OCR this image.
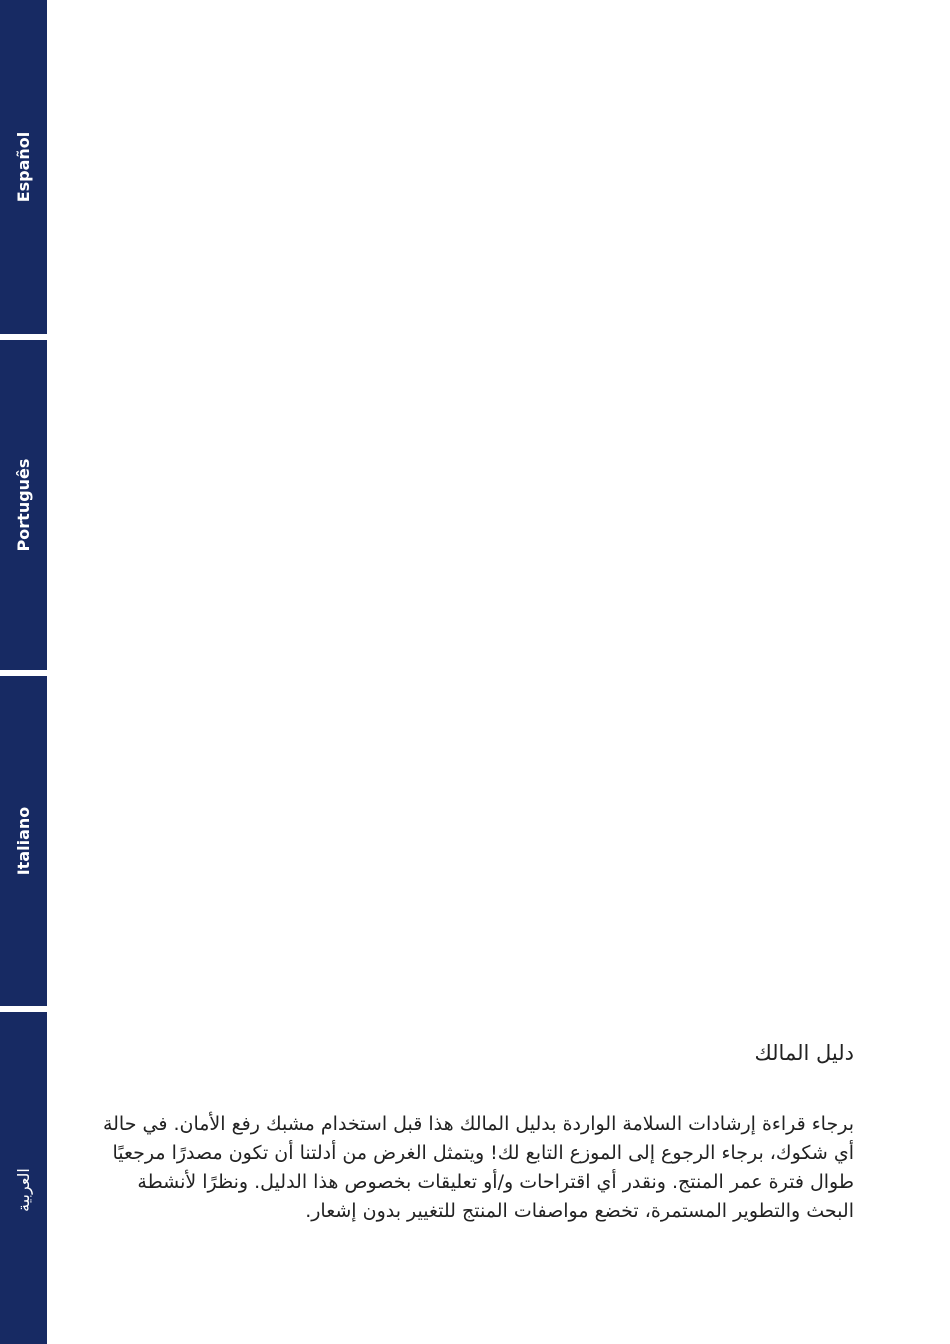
Español
Português
Italiano
العربية
دليل المالك

برجاء قراءة إرشادات السلامة الواردة بدليل المالك هذا قبل استخدام مشبك رفع الأمان. في حالة أي شكوك، برجاء الرجوع إلى الموزع التابع لك! ويتمثل الغرض من أدلتنا أن تكون مصدرًا مرجعيًا طوال فترة عمر المنتج. ونقدر أي اقتراحات و/أو تعليقات بخصوص هذا الدليل. ونظرًا لأنشطة البحث والتطوير المستمرة، تخضع مواصفات المنتج للتغيير بدون إشعار.
